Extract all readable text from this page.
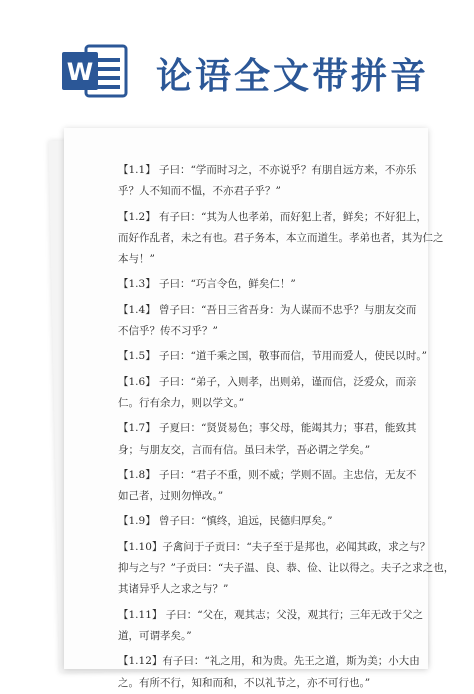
W 论语全文带拼音
【1.1】 子曰：“学而时习之，不亦说乎？有朋自远方来，不亦乐
乎？人不知而不愠，不亦君子乎？”
【1.2】 有子曰：“其为人也孝弟，而好犯上者，鲜矣；不好犯上，
而好作乱者，未之有也。君子务本，本立而道生。孝弟也者，其为仁之
本与！”
【1.3】 子曰：“巧言令色，鲜矣仁！”
【1.4】 曾子曰：“吾日三省吾身：为人谋而不忠乎？与朋友交而
不信乎？传不习乎？”
【1.5】 子曰：“道千乘之国，敬事而信，节用而爱人，使民以时。”
【1.6】 子曰：“弟子，入则孝，出则弟，谨而信，泛爱众，而亲
仁。行有余力，则以学文。”
【1.7】 子夏曰：“贤贤易色；事父母，能竭其力；事君，能致其
身；与朋友交，言而有信。虽曰未学，吾必谓之学矣。”
【1.8】 子曰：“君子不重，则不威；学则不固。主忠信，无友不
如己者，过则勿惮改。”
【1.9】 曾子曰：“慎终，追远，民德归厚矣。”
【1.10】子禽问于子贡曰：“夫子至于是邦也，必闻其政，求之与？
抑与之与？”子贡曰：“夫子温、良、恭、俭、让以得之。夫子之求之也，
其诸异乎人之求之与？”
【1.11】 子曰：“父在，观其志；父没，观其行；三年无改于父之
道，可谓孝矣。”
【1.12】有子曰：“礼之用，和为贵。先王之道，斯为美；小大由
之。有所不行，知和而和，不以礼节之，亦不可行也。”
